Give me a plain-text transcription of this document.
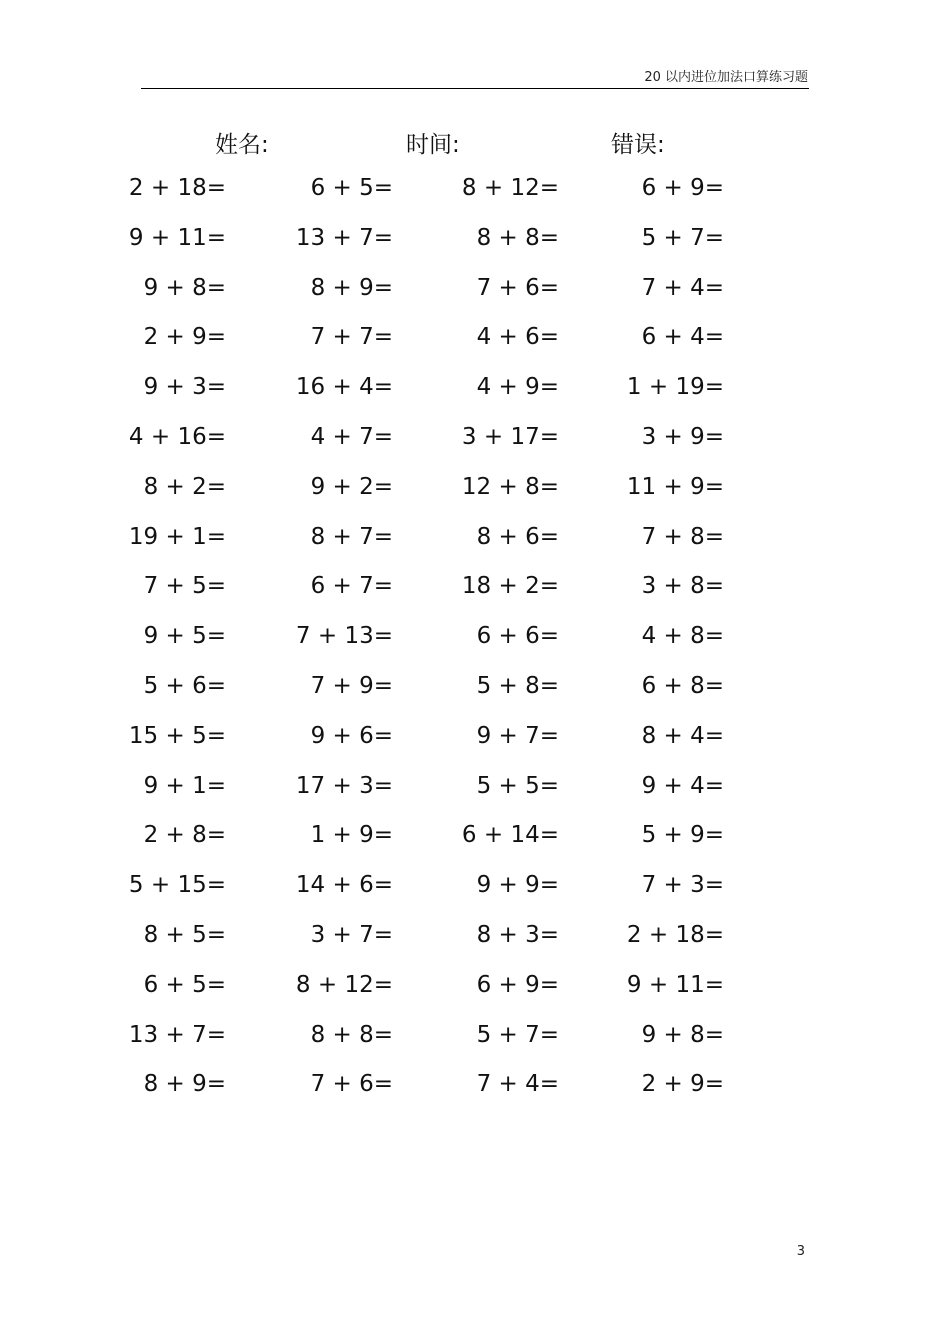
20 以内进位加法口算练习题
姓名:	时间:	错误:
2 + 18=	6 + 5=	8 + 12=	6 + 9=
9 + 11=	13 + 7=	8 + 8=	5 + 7=
9 + 8=	8 + 9=	7 + 6=	7 + 4=
2 + 9=	7 + 7=	4 + 6=	6 + 4=
9 + 3=	16 + 4=	4 + 9=	1 + 19=
4 + 16=	4 + 7=	3 + 17=	3 + 9=
8 + 2=	9 + 2=	12 + 8=	11 + 9=
19 + 1=	8 + 7=	8 + 6=	7 + 8=
7 + 5=	6 + 7=	18 + 2=	3 + 8=
9 + 5=	7 + 13=	6 + 6=	4 + 8=
5 + 6=	7 + 9=	5 + 8=	6 + 8=
15 + 5=	9 + 6=	9 + 7=	8 + 4=
9 + 1=	17 + 3=	5 + 5=	9 + 4=
2 + 8=	1 + 9=	6 + 14=	5 + 9=
5 + 15=	14 + 6=	9 + 9=	7 + 3=
8 + 5=	3 + 7=	8 + 3=	2 + 18=
6 + 5=	8 + 12=	6 + 9=	9 + 11=
13 + 7=	8 + 8=	5 + 7=	9 + 8=
8 + 9=	7 + 6=	7 + 4=	2 + 9=
3
